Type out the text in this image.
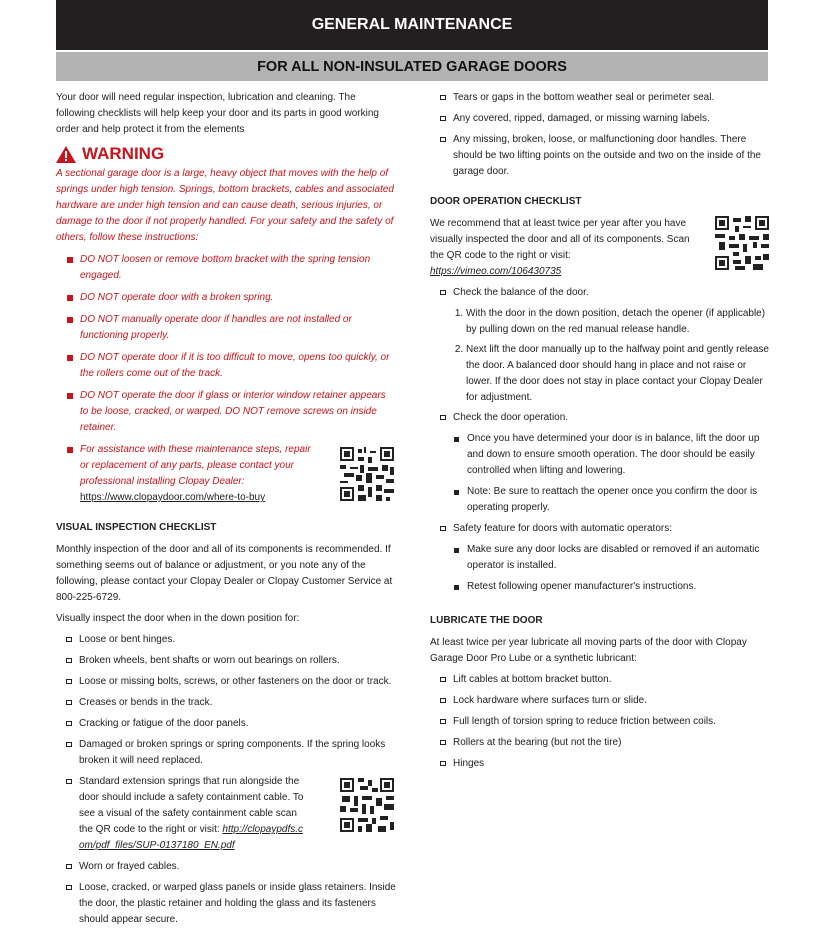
GENERAL MAINTENANCE
FOR ALL NON-INSULATED GARAGE DOORS

Your door will need regular inspection, lubrication and cleaning. The following checklists will help keep your door and its parts in good working order and help protect it from the elements

WARNING

A sectional garage door is a large, heavy object that moves with the help of springs under high tension. Springs, bottom brackets, cables and associated hardware are under high tension and can cause death, serious injuries, or damage to the door if not properly handled. For your safety and the safety of others, follow these instructions:

DO NOT loosen or remove bottom bracket with the spring tension engaged.
DO NOT operate door with a broken spring.
DO NOT manually operate door if handles are not installed or functioning properly.
DO NOT operate door if it is too difficult to move, opens too quickly, or the rollers come out of the track.
DO NOT operate the door if glass or interior window retainer appears to be loose, cracked, or warped. DO NOT remove screws on inside retainer.
For assistance with these maintenance steps, repair or replacement of any parts, please contact your professional installing Clopay Dealer:
https://www.clopaydoor.com/where-to-buy
VISUAL INSPECTION CHECKLIST

Monthly inspection of the door and all of its components is recommended. If something seems out of balance or adjustment, or you note any of the following, please contact your Clopay Dealer or Clopay Customer Service at 800-225-6729.

Visually inspect the door when in the down position for:

Loose or bent hinges.
Broken wheels, bent shafts or worn out bearings on rollers.
Loose or missing bolts, screws, or other fasteners on the door or track.
Creases or bends in the track.
Cracking or fatigue of the door panels.
Damaged or broken springs or spring components. If the spring looks broken it will need replaced.
Standard extension springs that run alongside the door should include a safety containment cable. To see a visual of the safety containment cable scan the QR code to the right or visit: http://clopaypdfs.com/pdf_files/SUP-0137180_EN.pdf
Worn or frayed cables.
Loose, cracked, or warped glass panels or inside glass retainers. Inside the door, the plastic retainer and holding the glass and its fasteners should appear secure.
Tears or gaps in the bottom weather seal or perimeter seal.
Any covered, ripped, damaged, or missing warning labels.
Any missing, broken, loose, or malfunctioning door handles. There should be two lifting points on the outside and two on the inside of the garage door.
DOOR OPERATION CHECKLIST

We recommend that at least twice per year after you have visually inspected the door and all of its components. Scan the QR code to the right or visit: https://vimeo.com/106430735

Check the balance of the door.
1. With the door in the down position, detach the opener (if applicable) by pulling down on the red manual release handle.
2. Next lift the door manually up to the halfway point and gently release the door. A balanced door should hang in place and not raise or lower. If the door does not stay in place contact your Clopay Dealer for adjustment.
Check the door operation.
Once you have determined your door is in balance, lift the door up and down to ensure smooth operation. The door should be easily controlled when lifting and lowering.
Note: Be sure to reattach the opener once you confirm the door is operating properly.
Safety feature for doors with automatic operators:
Make sure any door locks are disabled or removed if an automatic operator is installed.
Retest following opener manufacturer's instructions.
LUBRICATE THE DOOR

At least twice per year lubricate all moving parts of the door with Clopay Garage Door Pro Lube or a synthetic lubricant:

Lift cables at bottom bracket button.
Lock hardware where surfaces turn or slide.
Full length of torsion spring to reduce friction between coils.
Rollers at the bearing (but not the tire)
Hinges
